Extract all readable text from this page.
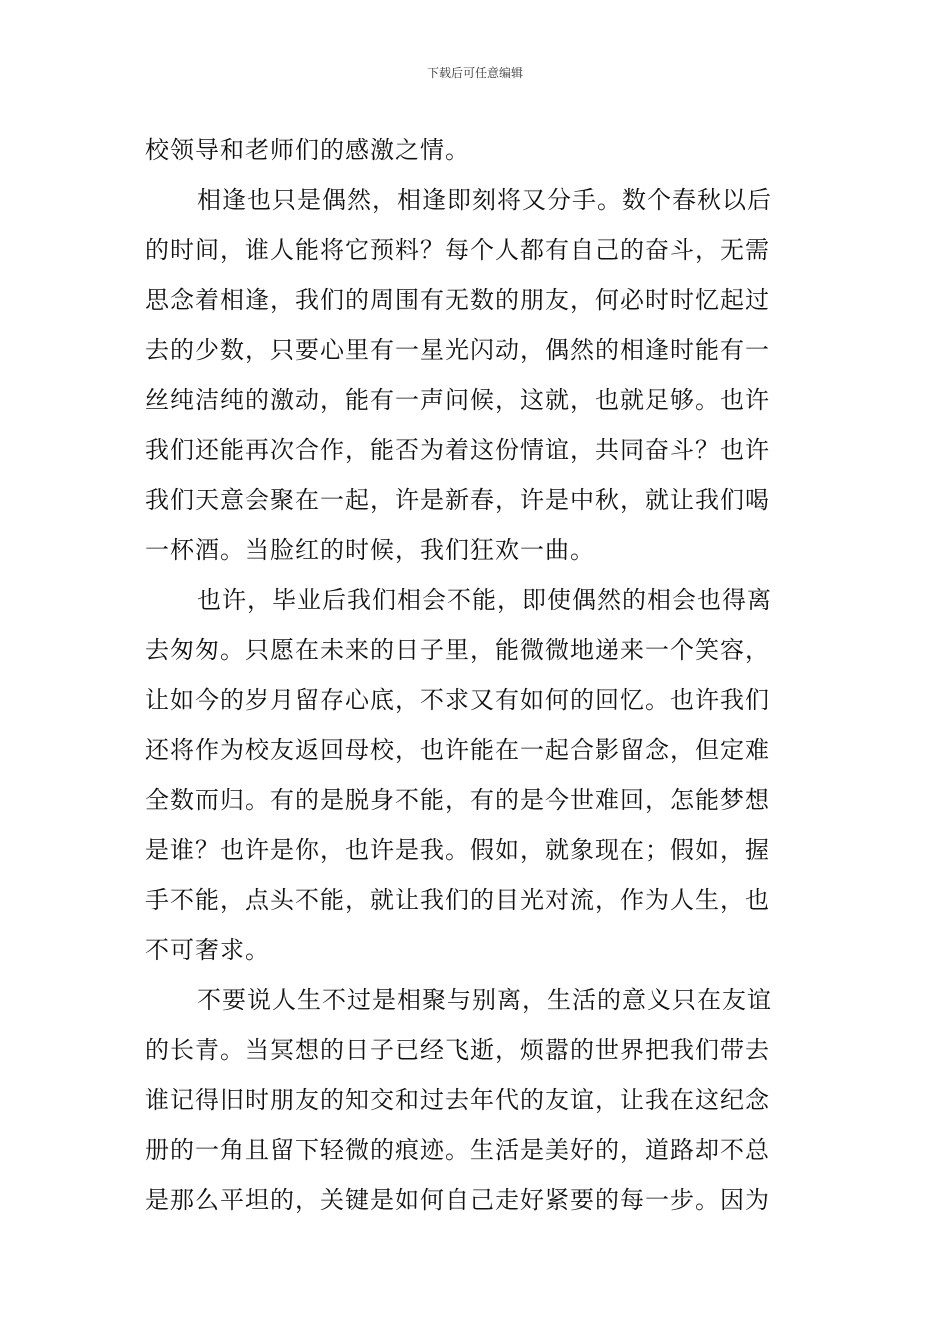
下载后可任意编辑
校领导和老师们的感激之情。
相逢也只是偶然，相逢即刻将又分手。数个春秋以后
的时间，谁人能将它预料？每个人都有自己的奋斗，无需
思念着相逢，我们的周围有无数的朋友，何必时时忆起过
去的少数，只要心里有一星光闪动，偶然的相逢时能有一
丝纯洁纯的激动，能有一声问候，这就，也就足够。也许
我们还能再次合作，能否为着这份情谊，共同奋斗？也许
我们天意会聚在一起，许是新春，许是中秋，就让我们喝
一杯酒。当脸红的时候，我们狂欢一曲。
也许，毕业后我们相会不能，即使偶然的相会也得离
去匆匆。只愿在未来的日子里，能微微地递来一个笑容，
让如今的岁月留存心底，不求又有如何的回忆。也许我们
还将作为校友返回母校，也许能在一起合影留念，但定难
全数而归。有的是脱身不能，有的是今世难回，怎能梦想
是谁？也许是你，也许是我。假如，就象现在；假如，握
手不能，点头不能，就让我们的目光对流，作为人生，也
不可奢求。
不要说人生不过是相聚与别离，生活的意义只在友谊
的长青。当冥想的日子已经飞逝，烦嚣的世界把我们带去
谁记得旧时朋友的知交和过去年代的友谊，让我在这纪念
册的一角且留下轻微的痕迹。生活是美好的，道路却不总
是那么平坦的，关键是如何自己走好紧要的每一步。因为
